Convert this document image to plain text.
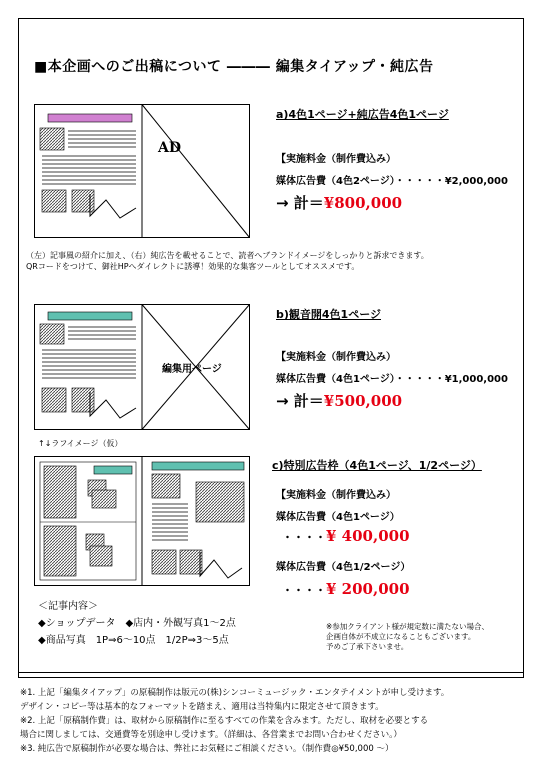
■本企画へのご出稿について ――― 編集タイアップ・純広告
AD
a)4色1ページ+純広告4色1ページ
【実施料金（制作費込み）
媒体広告費（4色2ページ）・・・・・¥2,000,000
→ 計＝¥800,000
（左）記事風の紹介に加え、（右）純広告を載せることで、読者へブランドイメージをしっかりと訴求できます。
QRコードをつけて、御社HPへダイレクトに誘導！効果的な集客ツールとしてオススメです。
編集用ページ
b)観音開4色1ページ
【実施料金（制作費込み）
媒体広告費（4色1ページ）・・・・・¥1,000,000
→ 計＝¥500,000
↑↓ラフイメージ（仮）
c)特別広告枠（4色1ページ、1/2ページ）
【実施料金（制作費込み）
媒体広告費（4色1ページ）
・・・・¥ 400,000
媒体広告費（4色1/2ページ）
・・・・¥ 200,000
＜記事内容＞
◆ショップデータ　◆店内・外観写真1～2点
◆商品写真　1P⇒6～10点　1/2P⇒3～5点
※参加クライアント様が規定数に満たない場合、
企画自体が不成立になることもございます。
予めご了承下さいませ。
※1. 上記「編集タイアップ」の原稿制作は版元の(株)シンコーミュージック・エンタテイメントが申し受けます。
デザイン・コピー等は基本的なフォーマットを踏まえ、適用は当特集内に限定させて頂きます。
※2. 上記「原稿制作費」は、取材から原稿制作に至るすべての作業を含みます。ただし、取材を必要とする
場合に関しましては、交通費等を別途申し受けます。（詳細は、各営業までお問い合わせください。）
※3. 純広告で原稿制作が必要な場合は、弊社にお気軽にご相談ください。（制作費◎¥50,000 ～）
